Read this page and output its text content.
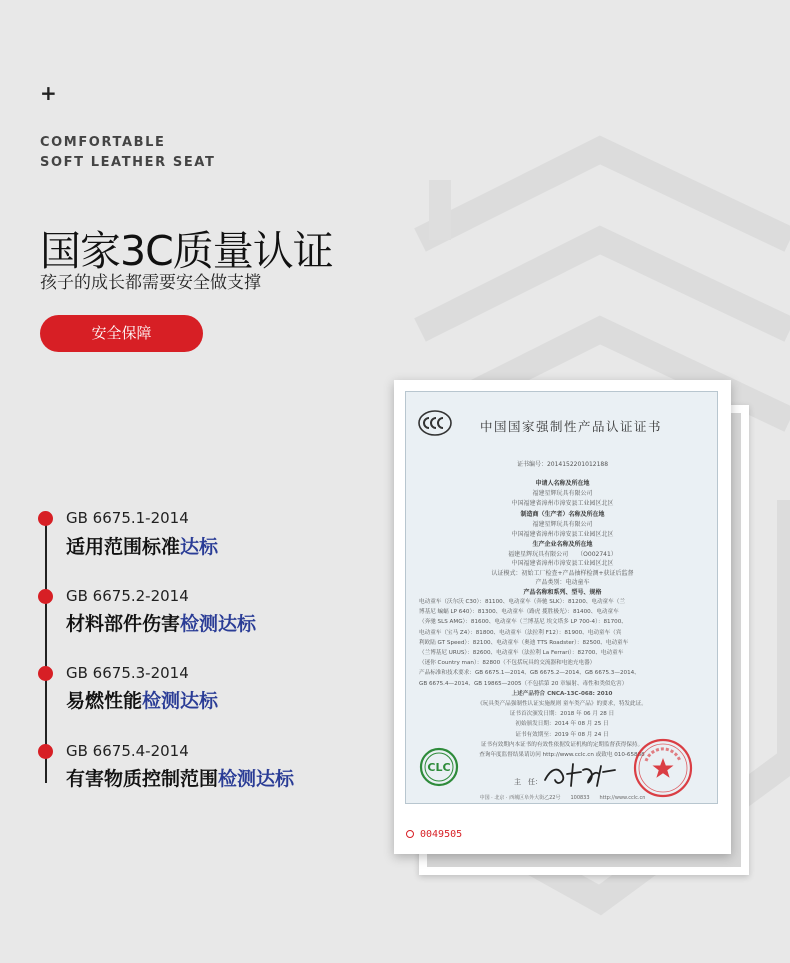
+
COMFORTABLE
SOFT LEATHER SEAT
国家3C质量认证
孩子的成长都需要安全做支撑
安全保障
GB 6675.1-2014
适用范围标准达标
GB 6675.2-2014
材料部件伤害检测达标
GB 6675.3-2014
易燃性能检测达标
GB 6675.4-2014
有害物质控制范围检测达标
中国国家强制性产品认证证书
证书编号：2014152201012188
申请人名称及所在地
福建星辉玩具有限公司
中国福建省漳州市漳安县工业园区北区
制造商（生产者）名称及所在地
福建星辉玩具有限公司
中国福建省漳州市漳安县工业园区北区
生产企业名称及所在地
福建星辉玩具有限公司　　（O002741）
中国福建省漳州市漳安县工业园区北区
认证模式：初始工厂检查+产品抽样检测+获证后监督
产品类别：电动童车
产品名称和系列、型号、规格

电动童车（沃尔沃 C30）：81100、电动童车（奔驰 SLK）：81200、电动童车（兰

博基尼 蝙蝠 LP 640）：81300、电动童车（路虎 揽胜极光）：81400、电动童车

（奔驰 SLS AMG）：81600、电动童车（兰博基尼 埃文塔多 LP 700-4）：81700、

电动童车（宝马 Z4）：81800、电动童车（法拉利 F12）：81900、电动童车（宾

利欧陆 GT Speed）：82100、电动童车（奥迪 TTS Roadster）：82500、电动童车

（兰博基尼 URUS）：82600、电动童车（法拉利 La Ferrari）：82700、电动童车

（迷你 Country man）：82800（不包括玩具的交流器和电池充电器）

产品标准和技术要求：GB 6675.1—2014、GB 6675.2—2014、GB 6675.3—2014、

GB 6675.4—2014、GB 19865—2005（不包括第 20 章辐射、毒性和类似危害）

上述产品符合 CNCA-13C-068: 2010

《玩具类产品强制性认证实施规则 童车类产品》的要求，特发此证。

证书首次颁发日期：2018 年 06 月 28 日

初始颁发日期：2014 年 08 月 25 日

证书有效期至：2019 年 08 月 24 日

证书有效期内本证书的有效性依据发证机构的定期监督获得保持。

查询年度监督结果请访问 http://www.cclc.cn 或致电 010-65888

CLC
主　任：
中国 · 北京 · 西城区阜外大街乙22号　　100833　　http://www.cclc.cn
0049505
